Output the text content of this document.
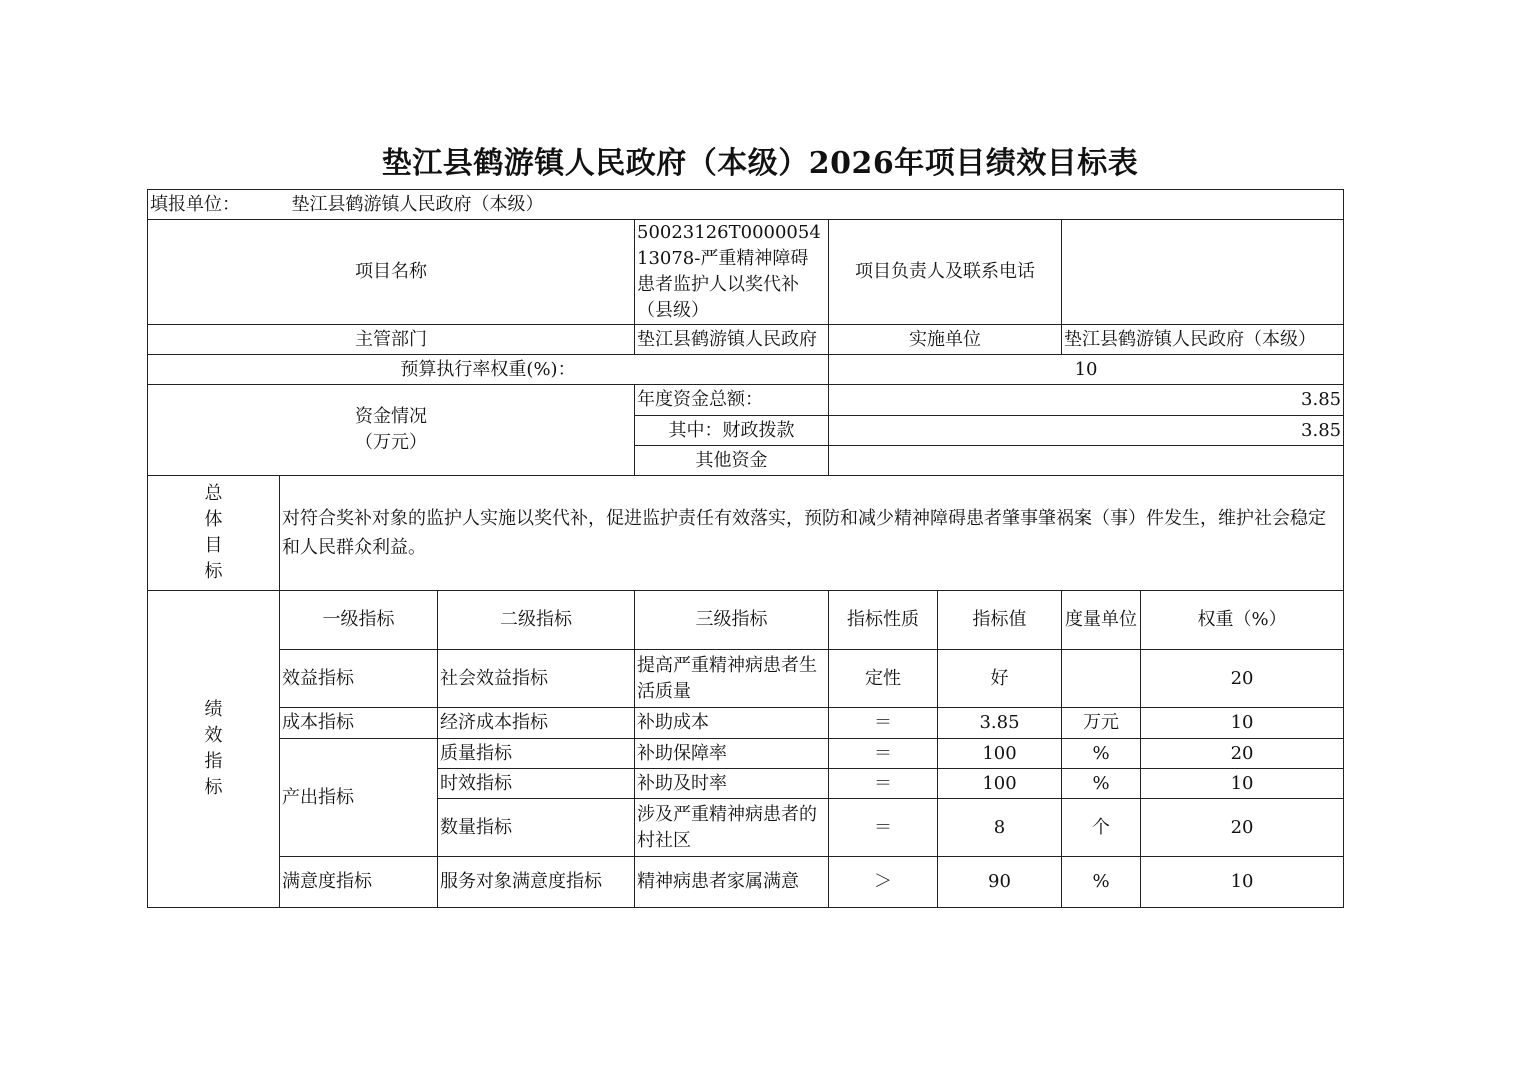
垫江县鹤游镇人民政府（本级）2026年项目绩效目标表
填报单位： 垫江县鹤游镇人民政府（本级）							
项目名称			50023126T000005413078-严重精神障碍患者监护人以奖代补（县级）	项目负责人及联系电话			
主管部门			垫江县鹤游镇人民政府	实施单位		垫江县鹤游镇人民政府（本级）	
预算执行率权重(%)：				10			

资金情况
（万元）			年度资金总额：	3.85			
			其中：财政拨款	3.85			
			其他资金				

总
体
目
标	对符合奖补对象的监护人实施以奖代补，促进监护责任有效落实，预防和减少精神障碍患者肇事肇祸案（事）件发生，维护社会稳定和人民群众利益。						

绩
效
指
标	一级指标	二级指标	三级指标	指标性质	指标值	度量单位	权重（%）
	效益指标	社会效益指标	提高严重精神病患者生活质量	定性	好		20
	成本指标	经济成本指标	补助成本	＝	3.85	万元	10
	产出指标	质量指标	补助保障率	＝	100	%	20
		时效指标	补助及时率	＝	100	%	10
		数量指标	涉及严重精神病患者的村社区	＝	8	个	20
	满意度指标	服务对象满意度指标	精神病患者家属满意	＞	90	%	10
